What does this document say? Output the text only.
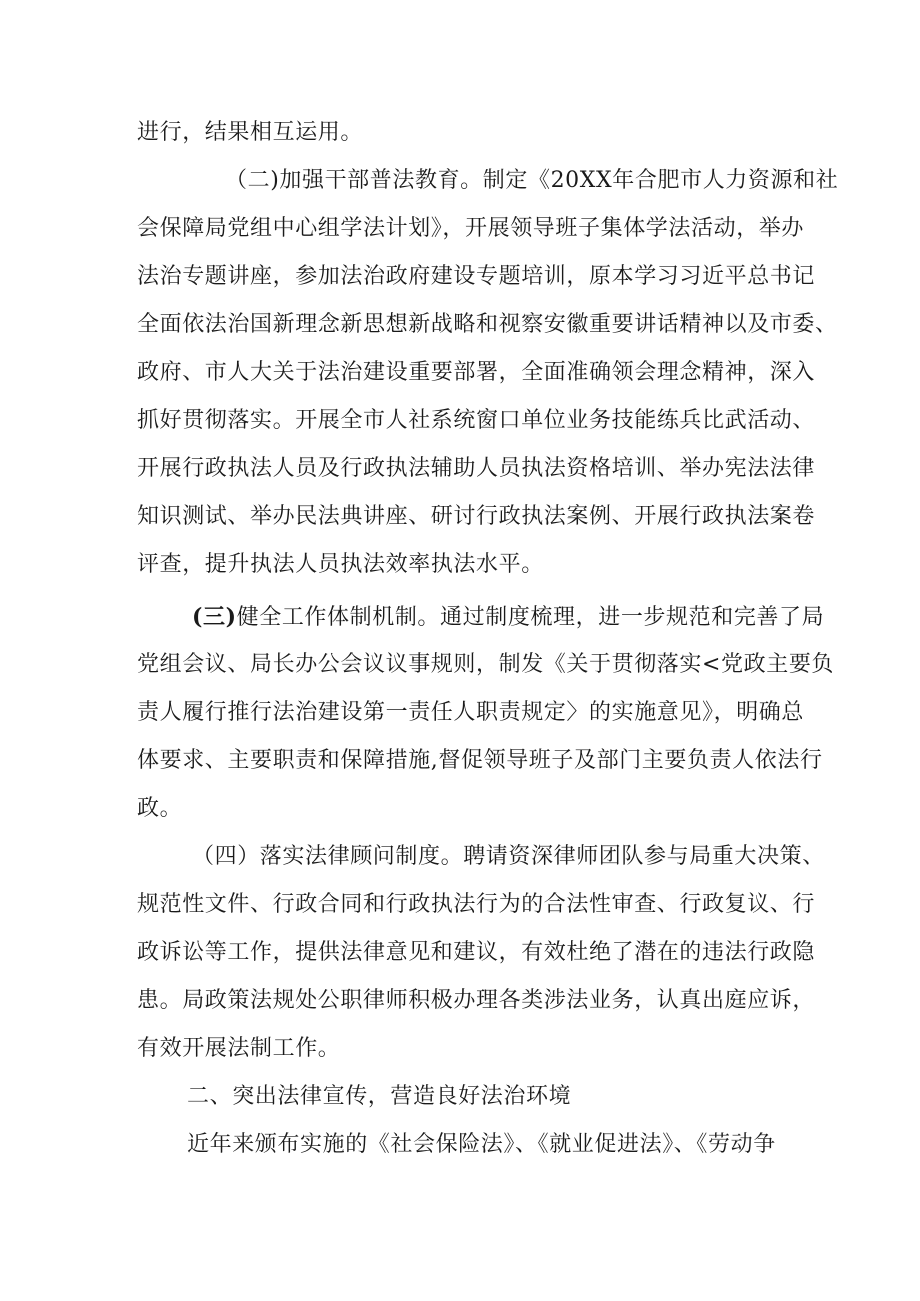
进行，结果相互运用。
（二)加强干部普法教育。制定《20XX年合肥市人力资源和社
会保障局党组中心组学法计划》，开展领导班子集体学法活动，举办
法治专题讲座，参加法治政府建设专题培训，原本学习习近平总书记
全面依法治国新理念新思想新战略和视察安徽重要讲话精神以及市委、
政府、市人大关于法治建设重要部署，全面准确领会理念精神，深入
抓好贯彻落实。开展全市人社系统窗口单位业务技能练兵比武活动、
开展行政执法人员及行政执法辅助人员执法资格培训、举办宪法法律
知识测试、举办民法典讲座、研讨行政执法案例、开展行政执法案卷
评查，提升执法人员执法效率执法水平。
(三)健全工作体制机制。通过制度梳理，进一步规范和完善了局
党组会议、局长办公会议议事规则，制发《关于贯彻落实<党政主要负
责人履行推行法治建设第一责任人职责规定〉的实施意见》，明确总
体要求、主要职责和保障措施,督促领导班子及部门主要负责人依法行
政。
（四）落实法律顾问制度。聘请资深律师团队参与局重大决策、
规范性文件、行政合同和行政执法行为的合法性审查、行政复议、行
政诉讼等工作，提供法律意见和建议，有效杜绝了潜在的违法行政隐
患。局政策法规处公职律师积极办理各类涉法业务，认真出庭应诉，
有效开展法制工作。
二、突出法律宣传，营造良好法治环境
近年来颁布实施的《社会保险法》、《就业促进法》、《劳动争
